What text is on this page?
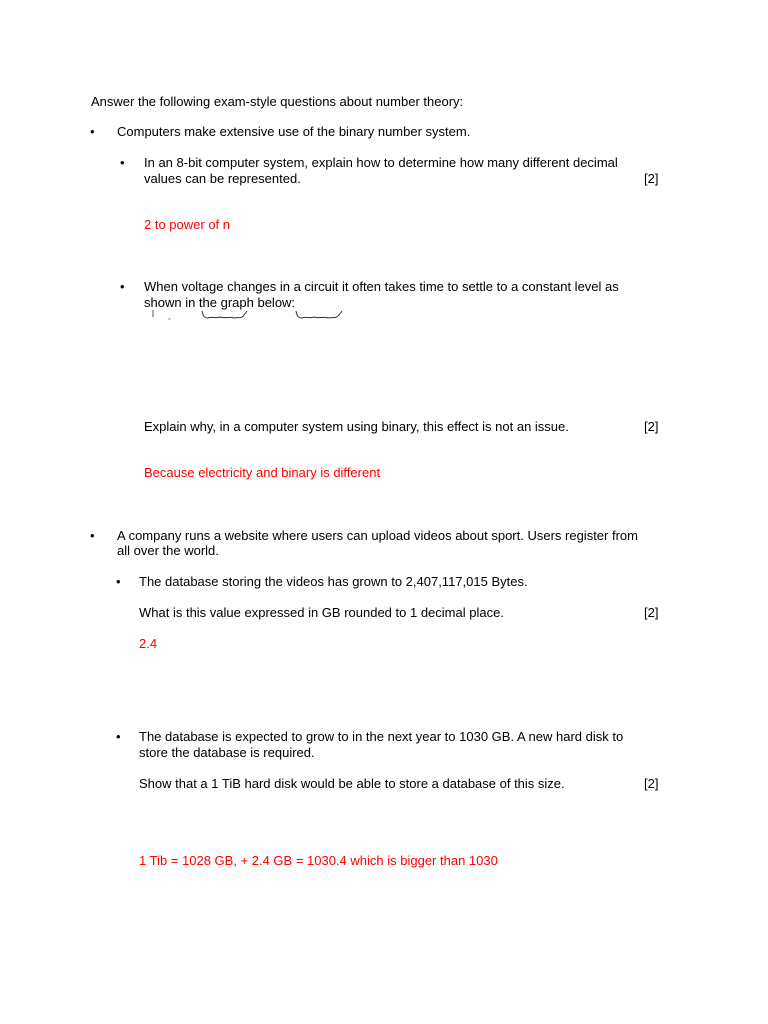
Answer the following exam-style questions about number theory:
• Computers make extensive use of the binary number system.
• In an 8-bit computer system, explain how to determine how many different decimal
values can be represented.	[2]
2 to power of n
• When voltage changes in a circuit it often takes time to settle to a constant level as
shown in the graph below:
Explain why, in a computer system using binary, this effect is not an issue.	[2]
Because electricity and binary is different
• A company runs a website where users can upload videos about sport. Users register from
all over the world.
• The database storing the videos has grown to 2,407,117,015 Bytes.
What is this value expressed in GB rounded to 1 decimal place.	[2]
2.4
• The database is expected to grow to in the next year to 1030 GB. A new hard disk to
store the database is required.
Show that a 1 TiB hard disk would be able to store a database of this size.	[2]
1 Tib = 1028 GB, + 2.4 GB = 1030.4 which is bigger than 1030
